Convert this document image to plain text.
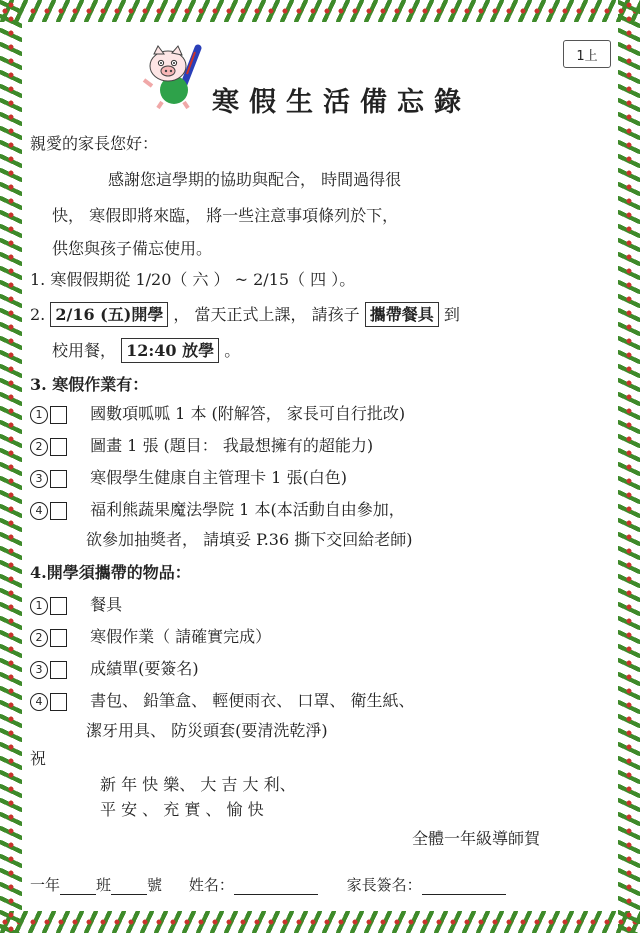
1上
寒假生活備忘錄
親愛的家長您好：
感謝您這學期的協助與配合， 時間過得很
快， 寒假即將來臨， 將一些注意事項條列於下，
供您與孩子備忘使用。
1. 寒假假期從 1/20（ 六 ） ~ 2/15（ 四 ）。
2. 2/16 (五)開學 ， 當天正式上課， 請孩子 攜帶餐具 到
校用餐， 12:40 放學 。
3. 寒假作業有：
1	國數項呱呱 1 本 (附解答， 家長可自行批改)
2	圖畫 1 張 (題目： 我最想擁有的超能力)
3	寒假學生健康自主管理卡 1 張(白色)
4	福利熊蔬果魔法學院 1 本(本活動自由參加，
欲參加抽獎者， 請填妥 P.36 撕下交回給老師)
4.開學須攜帶的物品：
1	餐具
2	寒假作業（ 請確實完成）
3	成績單(要簽名)
4	書包、 鉛筆盒、 輕便雨衣、 口罩、 衛生紙、
潔牙用具、 防災頭套(要清洗乾淨)
祝
新 年 快 樂、 大 吉 大 利、
平 安 、 充 實 、 愉 快
全體一年級導師賀
一年 班 號 姓名：	家長簽名：
